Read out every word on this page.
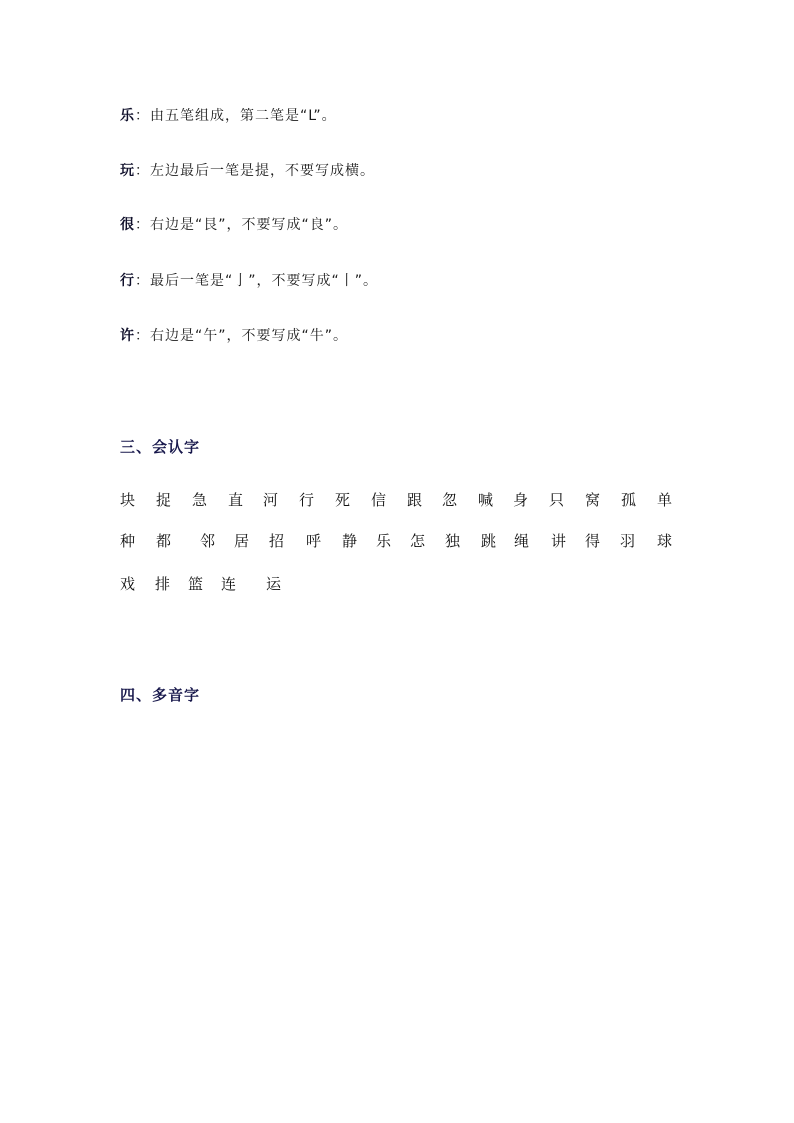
乐：由五笔组成，第二笔是“L”。
玩：左边最后一笔是提，不要写成横。
很：右边是“艮”，不要写成“良”。
行：最后一笔是“亅”，不要写成“丨”。
许：右边是“午”，不要写成“牛”。
三、会认字
块 捉 急 直 河 行 死 信 跟 忽 喊 身 只 窝 孤 单
种 都 邻 居 招 呼 静 乐 怎 独 跳 绳 讲 得 羽 球
戏 排 篮 连 运
四、多音字
